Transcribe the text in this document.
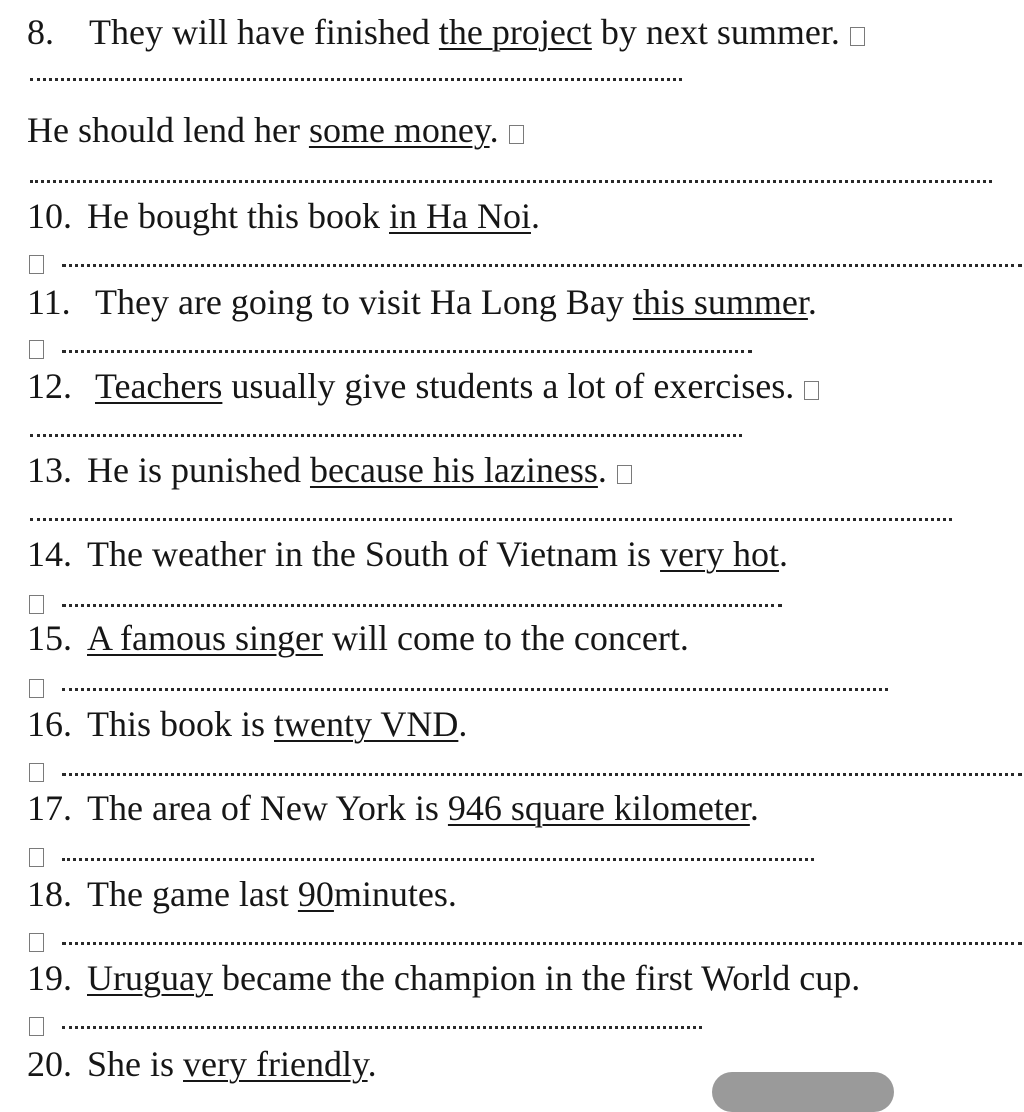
8. They will have finished the project by next summer.
He should lend her some money.
10. He bought this book in Ha Noi.
11. They are going to visit Ha Long Bay this summer.
12. Teachers usually give students a lot of exercises.
13. He is punished because his laziness.
14. The weather in the South of Vietnam is very hot.
15. A famous singer will come to the concert.
16. This book is twenty VND.
17. The area of New York is 946 square kilometer.
18. The game last 90minutes.
19. Uruguay became the champion in the first World cup.
20. She is very friendly.
